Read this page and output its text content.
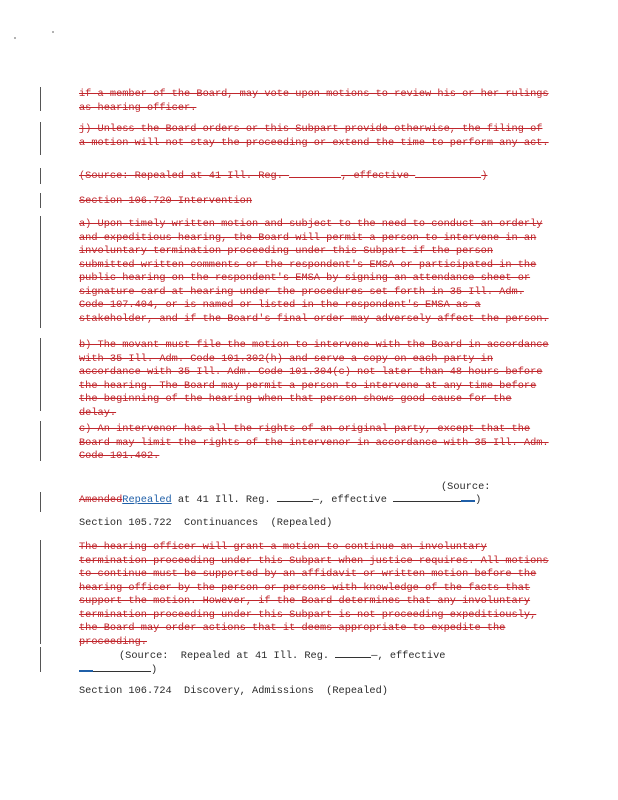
if a member of the Board, may vote upon motions to review his or her rulings as hearing officer.

j) Unless the Board orders or this Subpart provide otherwise, the filing of a motion will not stay the proceeding or extend the time to perform any act.

(Source: Repealed at 41 Ill. Reg.	, effective	)

Section 106.720 Intervention

a) Upon timely written motion and subject to the need to conduct an orderly and expeditious hearing, the Board will permit a person to intervene in an involuntary termination proceeding under this Subpart if the person submitted written comments or the respondent's EMSA or participated in the public hearing on the respondent's EMSA by signing an attendance sheet or signature card at hearing under the procedures set forth in 35 Ill. Adm. Code 107.404, or is named or listed in the respondent's EMSA as a stakeholder, and if the Board's final order may adversely affect the person.

b) The movant must file the motion to intervene with the Board in accordance with 35 Ill. Adm. Code 101.302(h) and serve a copy on each party in accordance with 35 Ill. Adm. Code 101.304(c) not later than 48 hours before the hearing. The Board may permit a person to intervene at any time before the beginning of the hearing when that person shows good cause for the delay.

c) An intervenor has all the rights of an original party, except that the Board may limit the rights of the intervenor in accordance with 35 Ill. Adm. Code 101.402.

(Source:
AmendedRepealed at 41 Ill. Reg.	—, effective	)
Section 105.722  Continuances  (Repealed)

The hearing officer will grant a motion to continue an involuntary termination proceeding under this Subpart when justice requires. All motions to continue must be supported by an affidavit or written motion before the hearing officer by the person or persons with knowledge of the facts that support the motion. However, if the Board determines that any involuntary termination proceeding under this Subpart is not proceeding expeditiously, the Board may order actions that it deems appropriate to expedite the proceeding.

(Source:  Repealed at 41 Ill. Reg.	—, effective
)
Section 106.724  Discovery, Admissions  (Repealed)
